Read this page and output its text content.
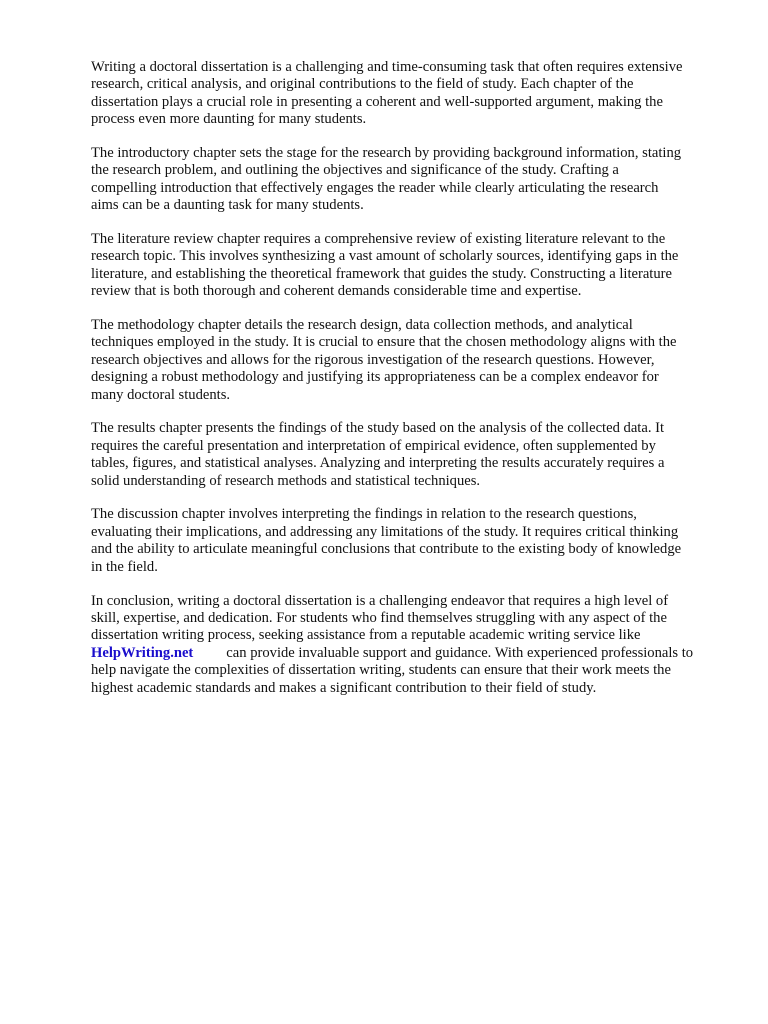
Writing a doctoral dissertation is a challenging and time-consuming task that often requires extensive
research, critical analysis, and original contributions to the field of study. Each chapter of the
dissertation plays a crucial role in presenting a coherent and well-supported argument, making the
process even more daunting for many students.

The introductory chapter sets the stage for the research by providing background information, stating
the research problem, and outlining the objectives and significance of the study. Crafting a
compelling introduction that effectively engages the reader while clearly articulating the research
aims can be a daunting task for many students.

The literature review chapter requires a comprehensive review of existing literature relevant to the
research topic. This involves synthesizing a vast amount of scholarly sources, identifying gaps in the
literature, and establishing the theoretical framework that guides the study. Constructing a literature
review that is both thorough and coherent demands considerable time and expertise.

The methodology chapter details the research design, data collection methods, and analytical
techniques employed in the study. It is crucial to ensure that the chosen methodology aligns with the
research objectives and allows for the rigorous investigation of the research questions. However,
designing a robust methodology and justifying its appropriateness can be a complex endeavor for
many doctoral students.

The results chapter presents the findings of the study based on the analysis of the collected data. It
requires the careful presentation and interpretation of empirical evidence, often supplemented by
tables, figures, and statistical analyses. Analyzing and interpreting the results accurately requires a
solid understanding of research methods and statistical techniques.

The discussion chapter involves interpreting the findings in relation to the research questions,
evaluating their implications, and addressing any limitations of the study. It requires critical thinking
and the ability to articulate meaningful conclusions that contribute to the existing body of knowledge
in the field.

In conclusion, writing a doctoral dissertation is a challenging endeavor that requires a high level of
skill, expertise, and dedication. For students who find themselves struggling with any aspect of the
dissertation writing process, seeking assistance from a reputable academic writing service like
HelpWriting.net can provide invaluable support and guidance. With experienced professionals to
help navigate the complexities of dissertation writing, students can ensure that their work meets the
highest academic standards and makes a significant contribution to their field of study.
